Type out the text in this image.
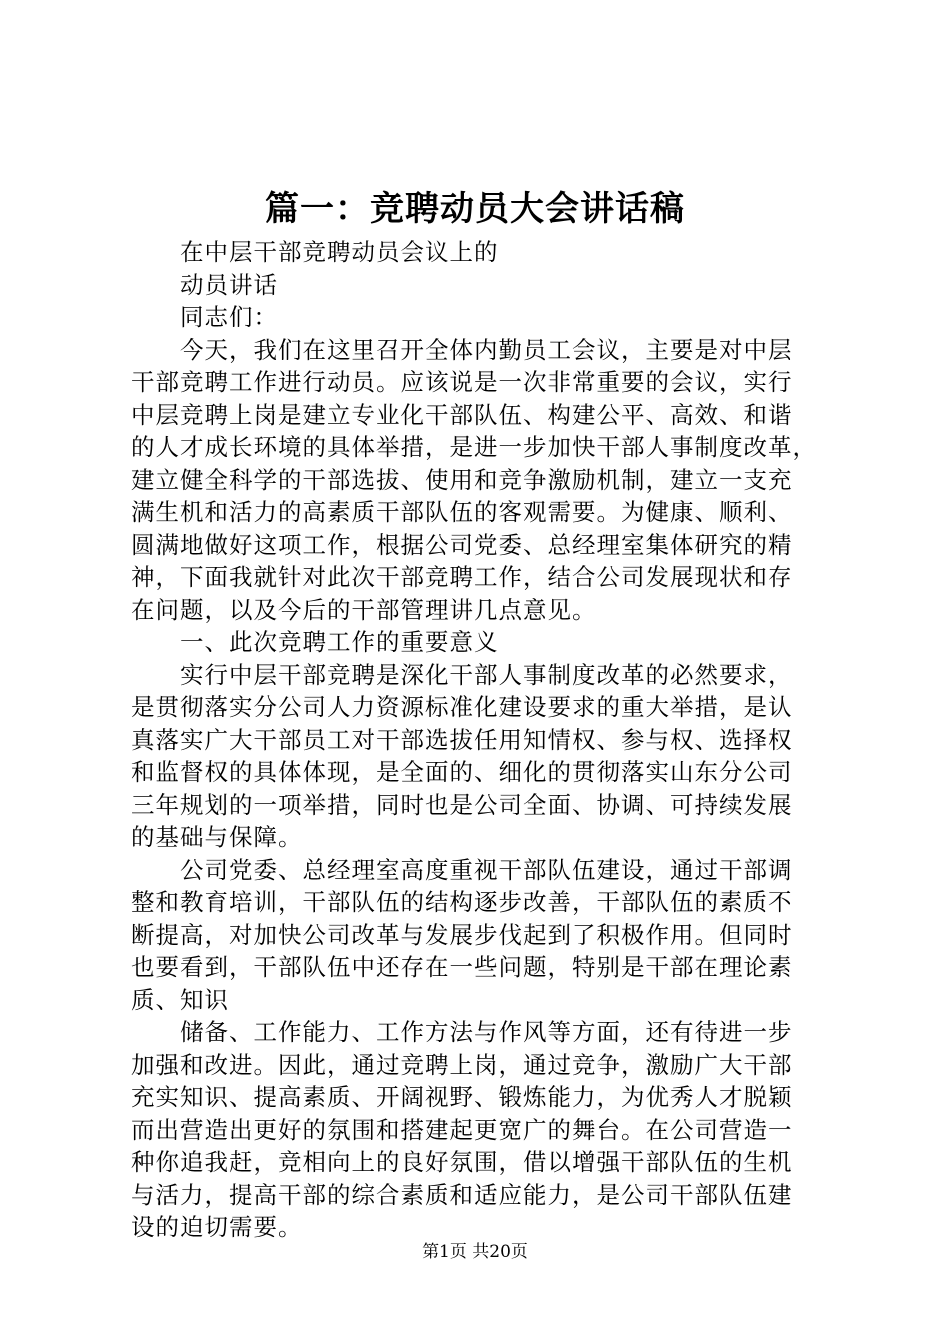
篇一：竞聘动员大会讲话稿
在中层干部竞聘动员会议上的
动员讲话
同志们：
今天，我们在这里召开全体内勤员工会议，主要是对中层
干部竞聘工作进行动员。应该说是一次非常重要的会议，实行
中层竞聘上岗是建立专业化干部队伍、构建公平、高效、和谐
的人才成长环境的具体举措，是进一步加快干部人事制度改革，
建立健全科学的干部选拔、使用和竞争激励机制，建立一支充
满生机和活力的高素质干部队伍的客观需要。为健康、顺利、
圆满地做好这项工作，根据公司党委、总经理室集体研究的精
神，下面我就针对此次干部竞聘工作，结合公司发展现状和存
在问题，以及今后的干部管理讲几点意见。
一、此次竞聘工作的重要意义
实行中层干部竞聘是深化干部人事制度改革的必然要求，
是贯彻落实分公司人力资源标准化建设要求的重大举措，是认
真落实广大干部员工对干部选拔任用知情权、参与权、选择权
和监督权的具体体现，是全面的、细化的贯彻落实山东分公司
三年规划的一项举措，同时也是公司全面、协调、可持续发展
的基础与保障。
公司党委、总经理室高度重视干部队伍建设，通过干部调
整和教育培训，干部队伍的结构逐步改善，干部队伍的素质不
断提高，对加快公司改革与发展步伐起到了积极作用。但同时
也要看到，干部队伍中还存在一些问题，特别是干部在理论素
质、知识
储备、工作能力、工作方法与作风等方面，还有待进一步
加强和改进。因此，通过竞聘上岗，通过竞争，激励广大干部
充实知识、提高素质、开阔视野、锻炼能力，为优秀人才脱颖
而出营造出更好的氛围和搭建起更宽广的舞台。在公司营造一
种你追我赶，竞相向上的良好氛围，借以增强干部队伍的生机
与活力，提高干部的综合素质和适应能力，是公司干部队伍建
设的迫切需要。
第1页 共20页
